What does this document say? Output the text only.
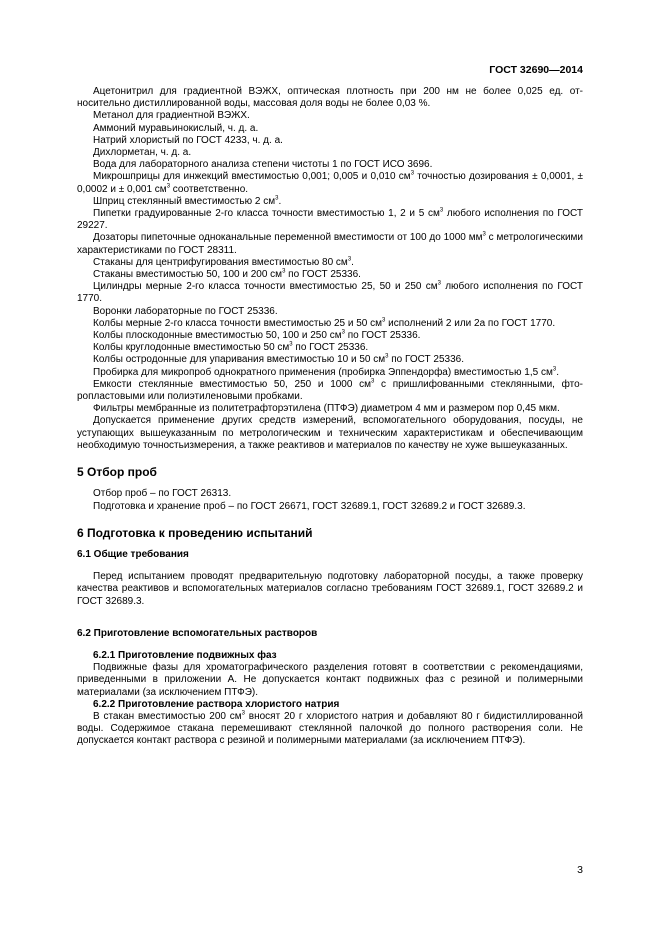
ГОСТ 32690—2014

Ацетонитрил для градиентной ВЭЖХ, оптическая плотность при 200 нм не более 0,025 ед. относительно дистиллированной воды, массовая доля воды не более 0,03 %.

Метанол для градиентной ВЭЖХ.

Аммоний муравьинокислый, ч. д. а.

Натрий хлористый по ГОСТ 4233, ч. д. а.

Дихлорметан, ч. д. а.

Вода для лабораторного анализа степени чистоты 1 по ГОСТ ИСО 3696.

Микрошприцы для инжекций вместимостью 0,001; 0,005 и 0,010 $см^3$ точностью дозирования ± 0,0001, ± 0,0002 и ± 0,001 $см^3$ соответственно.

Шприц стеклянный вместимостью 2 $см^3$.

Пипетки градуированные 2-го класса точности вместимостью 1, 2 и 5 $см^3$ любого исполнения по ГОСТ 29227.

Дозаторы пипеточные одноканальные переменной вместимости от 100 до 1000 $мм^3$ с метрологическими характеристиками по ГОСТ 28311.

Стаканы для центрифугирования вместимостью 80 $см^3$.

Стаканы вместимостью 50, 100 и 200 $см^3$ по ГОСТ 25336.

Цилиндры мерные 2-го класса точности вместимостью 25, 50 и 250 $см^3$ любого исполнения по ГОСТ 1770.

Воронки лабораторные по ГОСТ 25336.

Колбы мерные 2-го класса точности вместимостью 25 и 50 $см^3$ исполнений 2 или 2а по ГОСТ 1770.

Колбы плоскодонные вместимостью 50, 100 и 250 $см^3$ по ГОСТ 25336.

Колбы круглодонные вместимостью 50 $см^3$ по ГОСТ 25336.

Колбы остродонные для упаривания вместимостью 10 и 50 $см^3$ по ГОСТ 25336.

Пробирка для микропроб однократного применения (пробирка Эппендорфа) вместимостью 1,5 $см^3$.

Емкости стеклянные вместимостью 50, 250 и 1000 $см^3$ с пришлифованными стеклянными, фторопластовыми или полиэтиленовыми пробками.

Фильтры мембранные из политетрафторэтилена (ПТФЭ) диаметром 4 мм и размером пор 0,45 мкм.

Допускается применение других средств измерений, вспомогательного оборудования, посуды, не уступающих вышеуказанным по метрологическим и техническим характеристикам и обеспечивающим необходимую точностьизмерения, а также реактивов и материалов по качеству не хуже вышеуказанных.

5 Отбор проб

Отбор проб – по ГОСТ 26313.

Подготовка и хранение проб – по ГОСТ 26671, ГОСТ 32689.1, ГОСТ 32689.2 и ГОСТ 32689.3.

6 Подготовка к проведению испытаний
6.1 Общие требования

Перед испытанием проводят предварительную подготовку лабораторной посуды, а также проверку качества реактивов и вспомогательных материалов согласно требованиям ГОСТ 32689.1, ГОСТ 32689.2 и ГОСТ 32689.3.

6.2 Приготовление вспомогательных растворов
6.2.1 Приготовление подвижных фаз

Подвижные фазы для хроматографического разделения готовят в соответствии с рекомендациями, приведенными в приложении А. Не допускается контакт подвижных фаз с резиной и полимерными материалами (за исключением ПТФЭ).

6.2.2 Приготовление раствора хлористого натрия

В стакан вместимостью 200 $см^3$ вносят 20 г хлористого натрия и добавляют 80 г бидистиллированной воды. Содержимое стакана перемешивают стеклянной палочкой до полного растворения соли. Не допускается контакт раствора с резиной и полимерными материалами (за исключением ПТФЭ).

3
